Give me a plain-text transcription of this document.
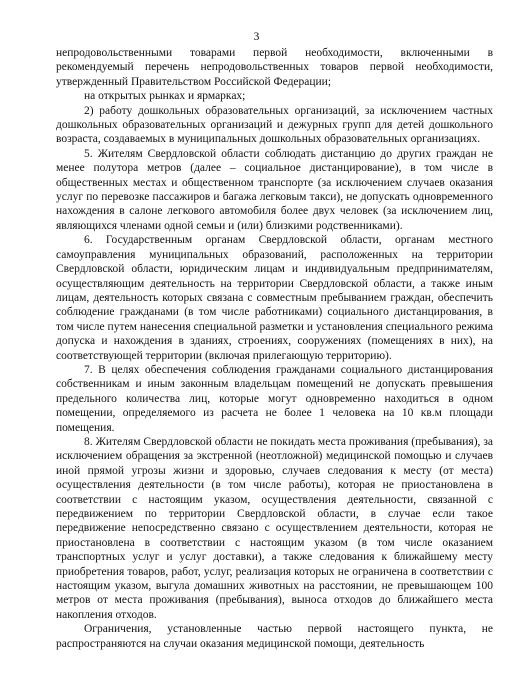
3

непродовольственными товарами первой необходимости, включенными в рекомендуемый перечень непродовольственных товаров первой необходимости, утвержденный Правительством Российской Федерации;

на открытых рынках и ярмарках;

2) работу дошкольных образовательных организаций, за исключением частных дошкольных образовательных организаций и дежурных групп для детей дошкольного возраста, создаваемых в муниципальных дошкольных образовательных организациях.

5. Жителям Свердловской области соблюдать дистанцию до других граждан не менее полутора метров (далее – социальное дистанцирование), в том числе в общественных местах и общественном транспорте (за исключением случаев оказания услуг по перевозке пассажиров и багажа легковым такси), не допускать одновременного нахождения в салоне легкового автомобиля более двух человек (за исключением лиц, являющихся членами одной семьи и (или) близкими родственниками).

6. Государственным органам Свердловской области, органам местного самоуправления муниципальных образований, расположенных на территории Свердловской области, юридическим лицам и индивидуальным предпринимателям, осуществляющим деятельность на территории Свердловской области, а также иным лицам, деятельность которых связана с совместным пребыванием граждан, обеспечить соблюдение гражданами (в том числе работниками) социального дистанцирования, в том числе путем нанесения специальной разметки и установления специального режима допуска и нахождения в зданиях, строениях, сооружениях (помещениях в них), на соответствующей территории (включая прилегающую территорию).

7. В целях обеспечения соблюдения гражданами социального дистанцирования собственникам и иным законным владельцам помещений не допускать превышения предельного количества лиц, которые могут одновременно находиться в одном помещении, определяемого из расчета не более 1 человека на 10 кв.м площади помещения.

8. Жителям Свердловской области не покидать места проживания (пребывания), за исключением обращения за экстренной (неотложной) медицинской помощью и случаев иной прямой угрозы жизни и здоровью, случаев следования к месту (от места) осуществления деятельности (в том числе работы), которая не приостановлена в соответствии с настоящим указом, осуществления деятельности, связанной с передвижением по территории Свердловской области, в случае если такое передвижение непосредственно связано с осуществлением деятельности, которая не приостановлена в соответствии с настоящим указом (в том числе оказанием транспортных услуг и услуг доставки), а также следования к ближайшему месту приобретения товаров, работ, услуг, реализация которых не ограничена в соответствии с настоящим указом, выгула домашних животных на расстоянии, не превышающем 100 метров от места проживания (пребывания), выноса отходов до ближайшего места накопления отходов.

Ограничения, установленные частью первой настоящего пункта, не распространяются на случаи оказания медицинской помощи, деятельность
